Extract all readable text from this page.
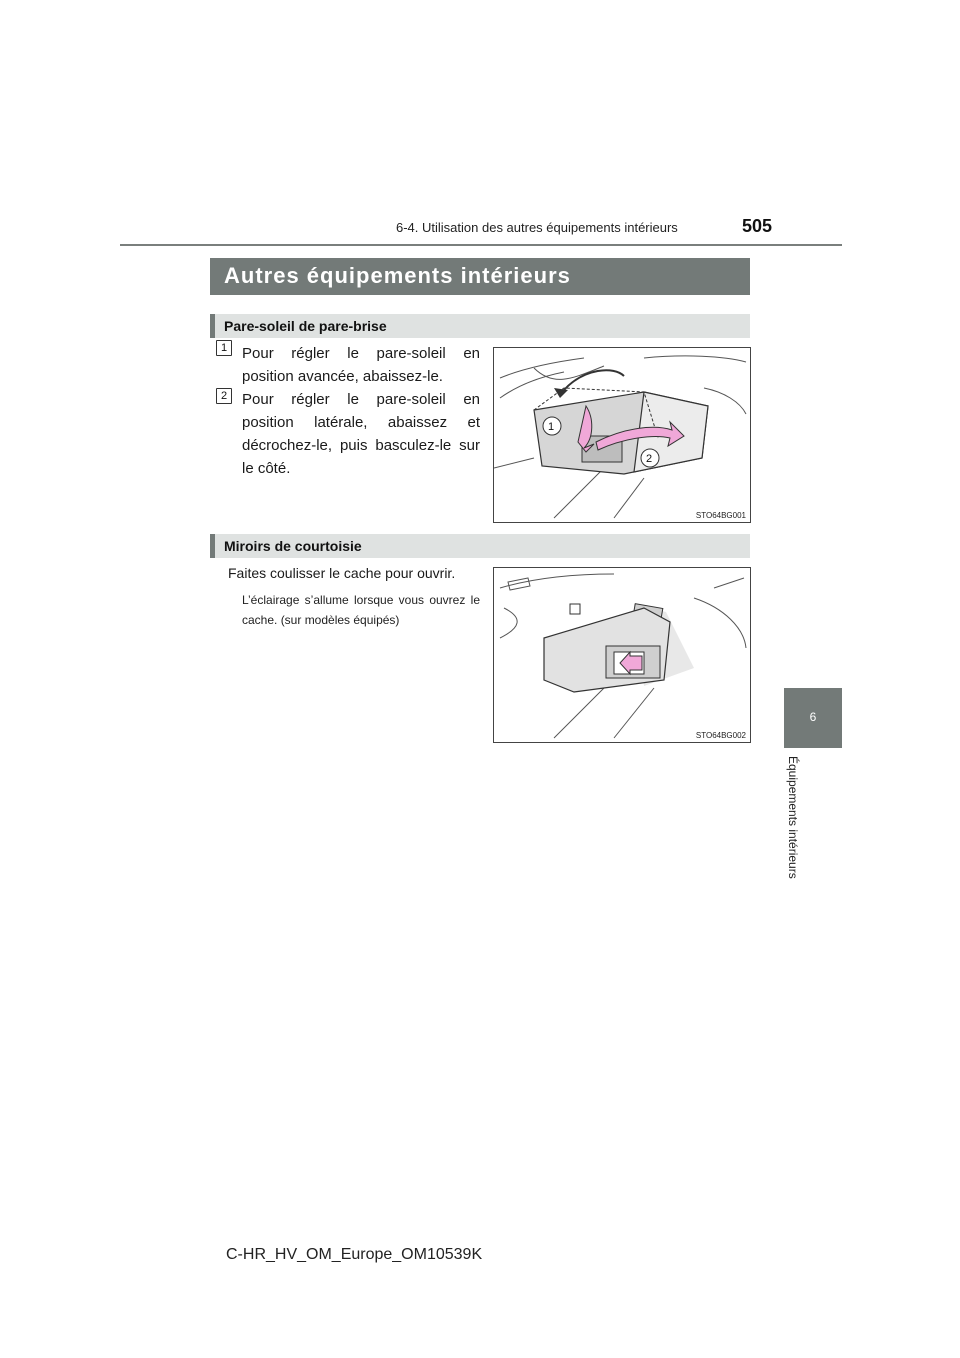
6-4. Utilisation des autres équipements intérieurs	505
6
Équipements intérieurs
Autres équipements intérieurs
Pare-soleil de pare-brise
1 Pour régler le pare-soleil en position avancée, abaissez-le.
2 Pour régler le pare-soleil en position latérale, abaissez et décrochez-le, puis basculez-le sur le côté.
1
2
STO64BG001
Miroirs de courtoisie
Faites coulisser le cache pour ouvrir.
L’éclairage s’allume lorsque vous ouvrez le cache. (sur modèles équipés)
STO64BG002
C-HR_HV_OM_Europe_OM10539K
